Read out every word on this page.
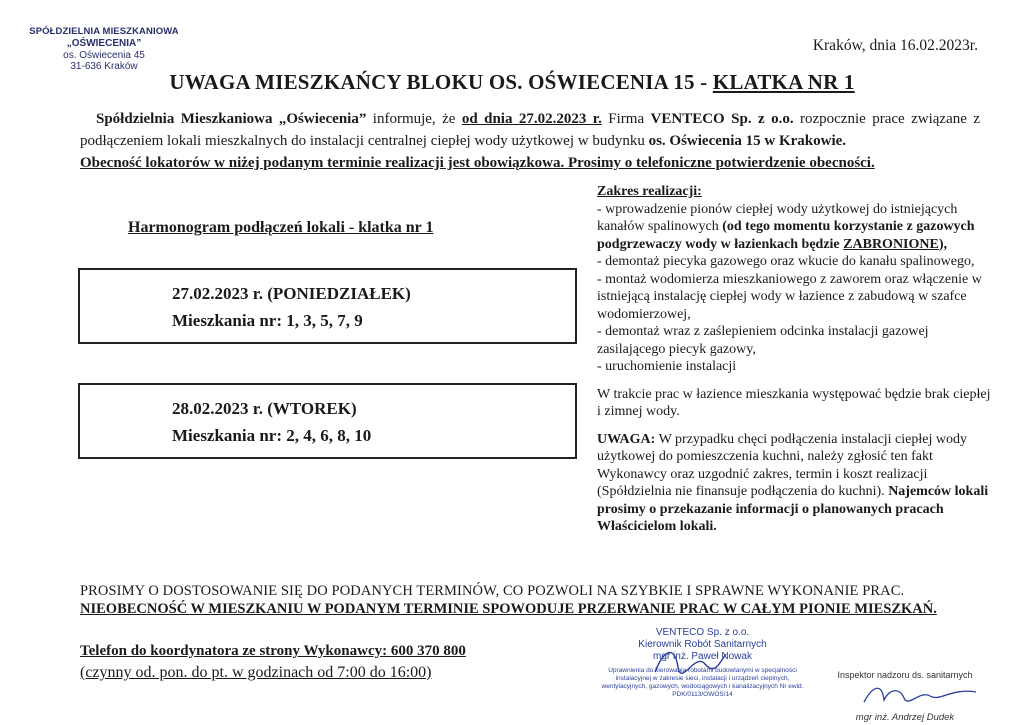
SPÓŁDZIELNIA MIESZKANIOWA
„OŚWIECENIA”
os. Oświecenia 45
31-636 Kraków
Kraków, dnia 16.02.2023r.
UWAGA MIESZKAŃCY BLOKU OS. OŚWIECENIA 15 - KLATKA NR 1

Spółdzielnia Mieszkaniowa „Oświecenia” informuje, że od dnia 27.02.2023 r. Firma VENTECO Sp. z o.o. rozpocznie prace związane z podłączeniem lokali mieszkalnych do instalacji centralnej ciepłej wody użytkowej w budynku os. Oświecenia 15 w Krakowie.

Obecność lokatorów w niżej podanym terminie realizacji jest obowiązkowa. Prosimy o telefoniczne potwierdzenie obecności.

Harmonogram podłączeń lokali - klatka nr 1
27.02.2023 r. (PONIEDZIAŁEK)
Mieszkania nr: 1, 3, 5, 7, 9
28.02.2023 r. (WTOREK)
Mieszkania nr: 2, 4, 6, 8, 10

Zakres realizacji:

- wprowadzenie pionów ciepłej wody użytkowej do istniejących kanałów spalinowych (od tego momentu korzystanie z gazowych podgrzewaczy wody w łazienkach będzie ZABRONIONE),

- demontaż piecyka gazowego oraz wkucie do kanału spalinowego,

- montaż wodomierza mieszkaniowego z zaworem oraz włączenie w istniejącą instalację ciepłej wody w łazience z zabudową w szafce wodomierzowej,

- demontaż wraz z zaślepieniem odcinka instalacji gazowej zasilającego piecyk gazowy,

- uruchomienie instalacji

W trakcie prac w łazience mieszkania występować będzie brak ciepłej i zimnej wody.

UWAGA: W przypadku chęci podłączenia instalacji ciepłej wody użytkowej do pomieszczenia kuchni, należy zgłosić ten fakt Wykonawcy oraz uzgodnić zakres, termin i koszt realizacji (Spółdzielnia nie finansuje podłączenia do kuchni). Najemców lokali prosimy o przekazanie informacji o planowanych pracach Właścicielom lokali.

PROSIMY O DOSTOSOWANIE SIĘ DO PODANYCH TERMINÓW, CO POZWOLI NA SZYBKIE I SPRAWNE WYKONANIE PRAC.
NIEOBECNOŚĆ W MIESZKANIU W PODANYM TERMINIE SPOWODUJE PRZERWANIE PRAC W CAŁYM PIONIE MIESZKAŃ.
Telefon do koordynatora ze strony Wykonawcy: 600 370 800
(czynny od. pon. do pt. w godzinach od 7:00 do 16:00)
VENTECO Sp. z o.o.
Kierownik Robót Sanitarnych
mgr inż. Paweł Nowak
Uprawnienia do kierowania robotami budowlanymi w specjalności instalacyjnej w zakresie sieci, instalacji i urządzeń cieplnych,
wentylacyjnych, gazowych, wodociągowych i kanalizacyjnych Nr ewid. PDK/0113/OWOS/14
Inspektor nadzoru ds. sanitarnych
mgr inż. Andrzej Dudek
